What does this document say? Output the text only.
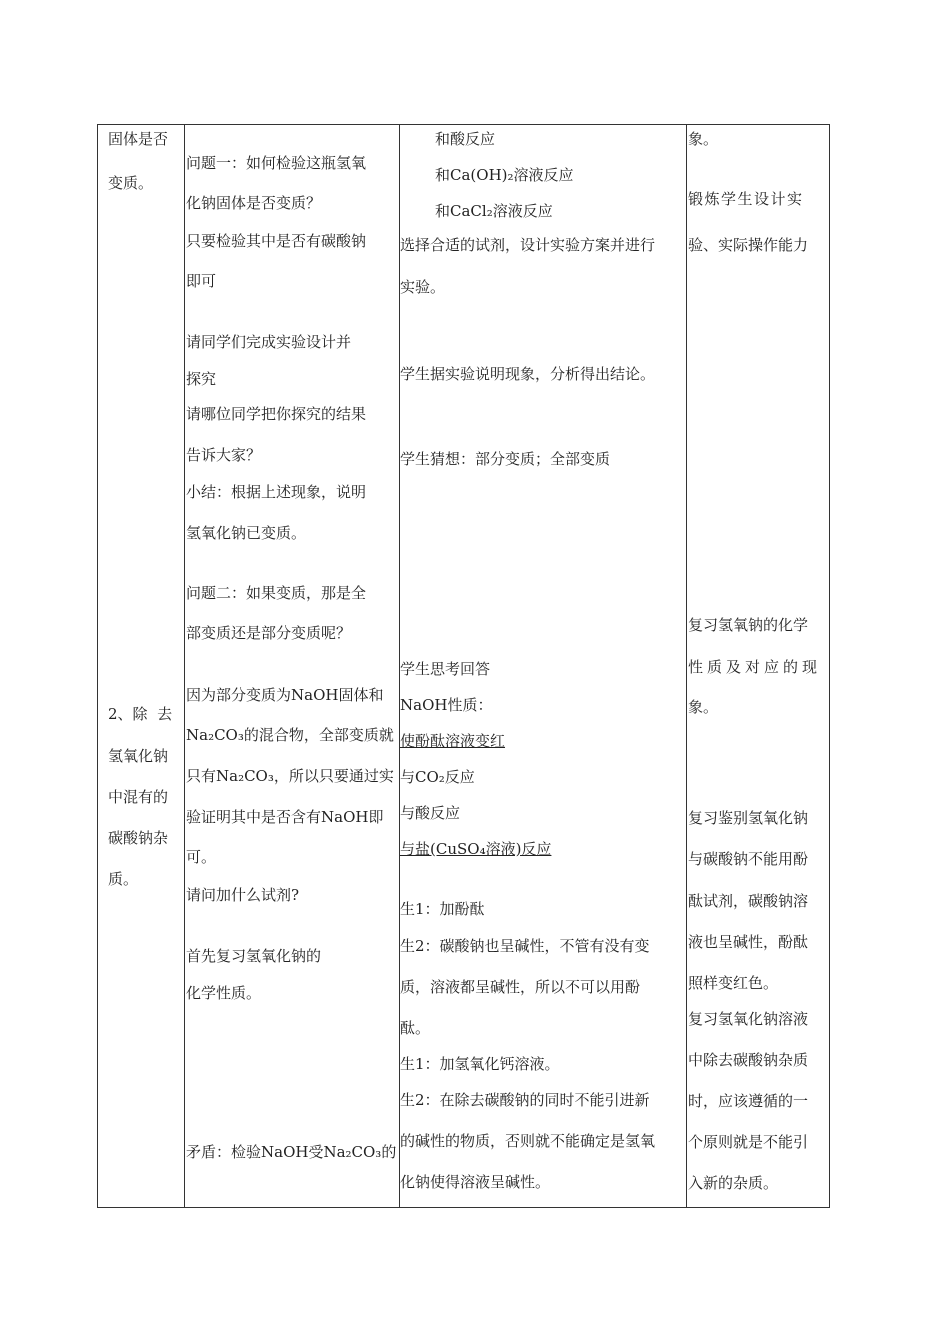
固体是否
变质。
2、除  去
氢氧化钠
中混有的
碳酸钠杂
质。
问题一：如何检验这瓶氢氧
化钠固体是否变质？
只要检验其中是否有碳酸钠
即可
请同学们完成实验设计并
探究
请哪位同学把你探究的结果
告诉大家？
小结：根据上述现象，说明
氢氧化钠已变质。
问题二：如果变质，那是全
部变质还是部分变质呢？
因为部分变质为NaOH固体和
Na₂CO₃的混合物，全部变质就
只有Na₂CO₃，所以只要通过实
验证明其中是否含有NaOH即
可。
请问加什么试剂?
首先复习氢氧化钠的
化学性质。
矛盾：检验NaOH受Na₂CO₃的
和酸反应
和Ca(OH)₂溶液反应
和CaCl₂溶液反应
选择合适的试剂，设计实验方案并进行
实验。
学生据实验说明现象，分析得出结论。
学生猜想：部分变质；全部变质
学生思考回答
NaOH性质：
使酚酞溶液变红
与CO₂反应
与酸反应
与盐(CuSO₄溶液)反应
生1：加酚酞
生2：碳酸钠也呈碱性，不管有没有变
质，溶液都呈碱性，所以不可以用酚
酞。
生1：加氢氧化钙溶液。
生2：在除去碳酸钠的同时不能引进新
的碱性的物质，否则就不能确定是氢氧
化钠使得溶液呈碱性。
象。
锻炼学生设计实
验、实际操作能力
复习氢氧钠的化学
性质及对应的现
象。
复习鉴别氢氧化钠
与碳酸钠不能用酚
酞试剂，碳酸钠溶
液也呈碱性，酚酞
照样变红色。
复习氢氧化钠溶液
中除去碳酸钠杂质
时，应该遵循的一
个原则就是不能引
入新的杂质。
